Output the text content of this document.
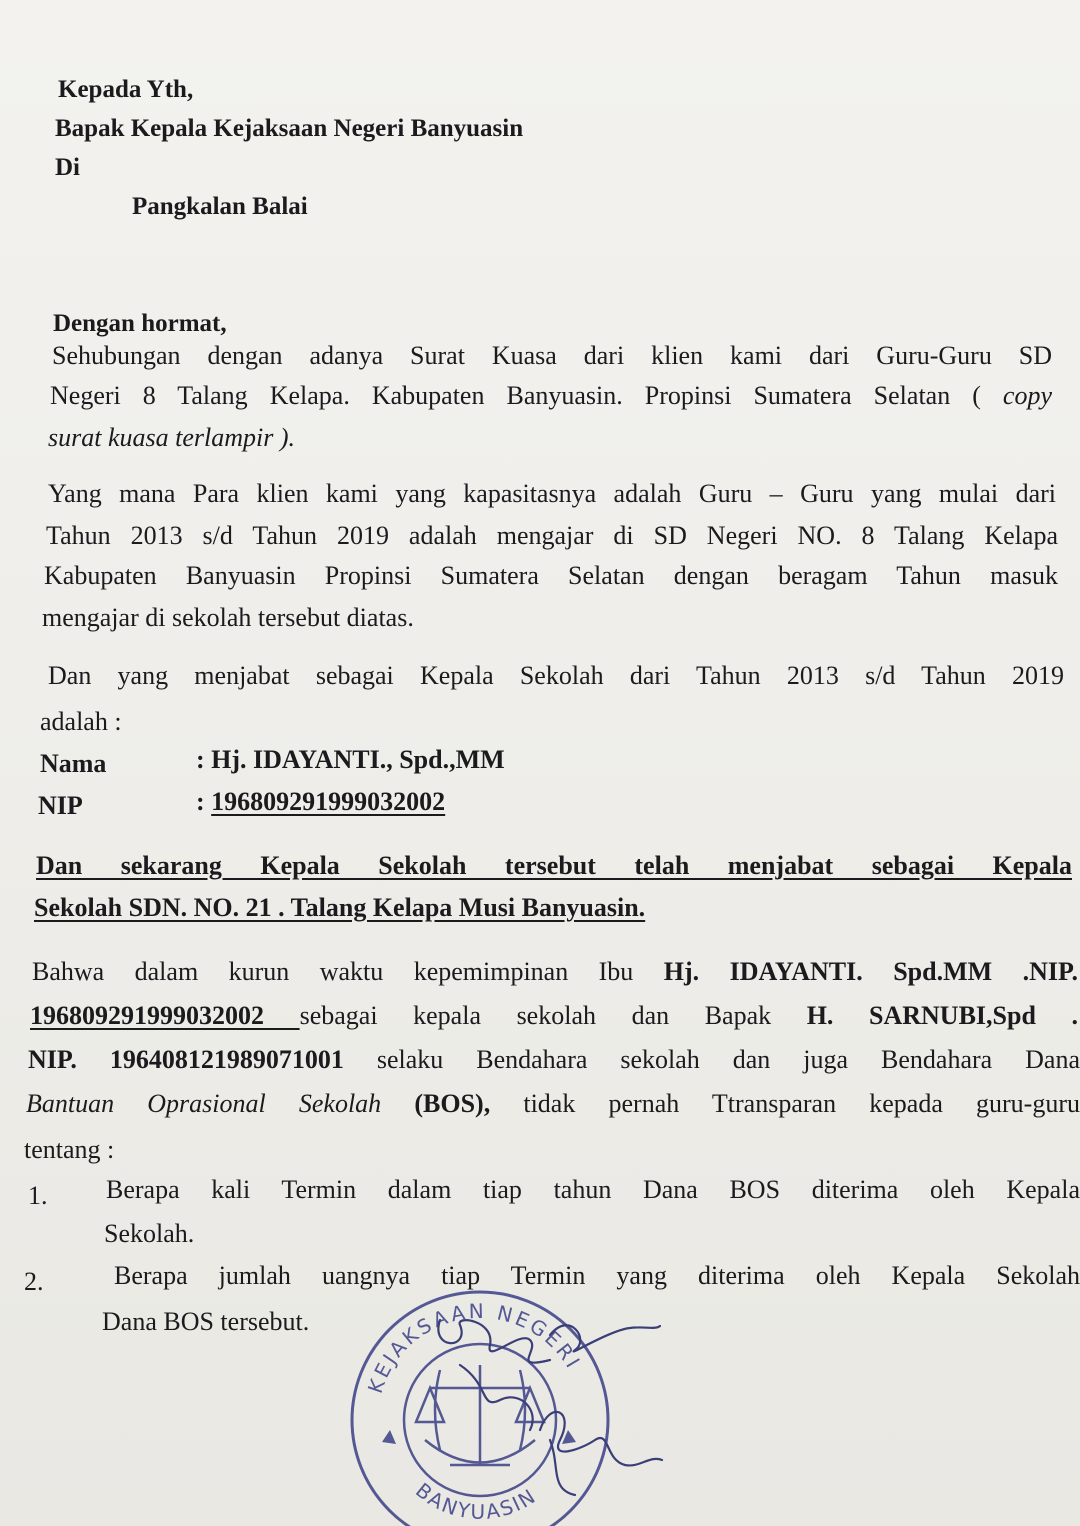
Kepada Yth,
Bapak Kepala Kejaksaan Negeri Banyuasin
Di
Pangkalan Balai
Dengan hormat,
Sehubungan dengan adanya Surat Kuasa dari klien kami dari Guru-Guru SD
Negeri 8 Talang Kelapa. Kabupaten Banyuasin. Propinsi Sumatera Selatan ( copy
surat kuasa terlampir ).
Yang mana Para klien kami yang kapasitasnya adalah Guru – Guru yang mulai dari
Tahun 2013 s/d Tahun 2019 adalah mengajar di SD Negeri NO. 8 Talang Kelapa
Kabupaten Banyuasin Propinsi Sumatera Selatan dengan beragam Tahun masuk
mengajar di sekolah tersebut diatas.
Dan yang menjabat sebagai Kepala Sekolah dari Tahun 2013 s/d Tahun 2019
adalah :
Nama	: Hj. IDAYANTI., Spd.,MM
NIP	: 196809291999032002
Dan sekarang Kepala Sekolah tersebut telah menjabat sebagai Kepala
Sekolah SDN. NO. 21 . Talang Kelapa Musi Banyuasin.
Bahwa dalam kurun waktu kepemimpinan Ibu Hj. IDAYANTI. Spd.MM .NIP.
196809291999032002 sebagai kepala sekolah dan Bapak H. SARNUBI,Spd .
NIP. 196408121989071001 selaku Bendahara sekolah dan juga Bendahara Dana
Bantuan Oprasional Sekolah (BOS), tidak pernah Ttransparan kepada guru-guru
tentang :
1. Berapa kali Termin dalam tiap tahun Dana BOS diterima oleh Kepala
Sekolah.
2.	Berapa jumlah uangnya tiap Termin yang diterima oleh Kepala Sekolah
Dana BOS tersebut.
KEJAKSAAN NEGERI
BANYUASIN
